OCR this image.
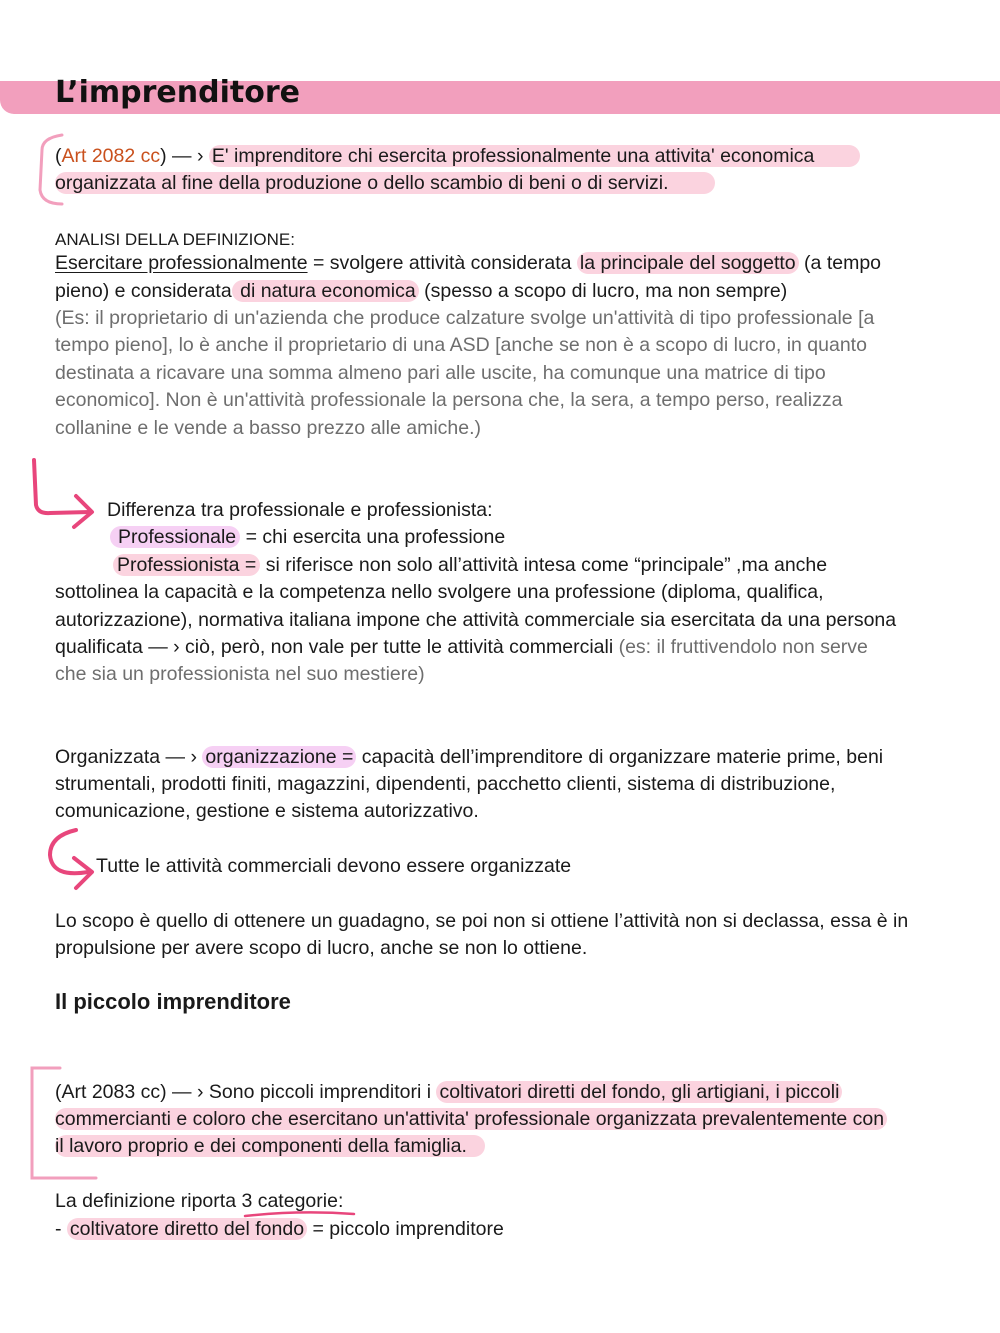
L’imprenditore
(Art 2082 cc) — › E' imprenditore chi esercita professionalmente una attivita' economica
organizzata al fine della produzione o dello scambio di beni o di servizi.
ANALISI DELLA DEFINIZIONE:
Esercitare professionalmente = svolgere attività considerata la principale del soggetto (a tempo
pieno) e considerata di natura economica (spesso a scopo di lucro, ma non sempre)
(Es: il proprietario di un'azienda che produce calzature svolge un'attività di tipo professionale [a
tempo pieno], lo è anche il proprietario di una ASD [anche se non è a scopo di lucro, in quanto
destinata a ricavare una somma almeno pari alle uscite, ha comunque una matrice di tipo
economico]. Non è un'attività professionale la persona che, la sera, a tempo perso, realizza
collanine e le vende a basso prezzo alle amiche.)
Differenza tra professionale e professionista:
Professionale = chi esercita una professione
Professionista = si riferisce non solo all’attività intesa come “principale” ,ma anche
sottolinea la capacità e la competenza nello svolgere una professione (diploma, qualifica,
autorizzazione), normativa italiana impone che attività commerciale sia esercitata da una persona
qualificata — › ciò, però, non vale per tutte le attività commerciali (es: il fruttivendolo non serve
che sia un professionista nel suo mestiere)
Organizzata — › organizzazione = capacità dell’imprenditore di organizzare materie prime, beni
strumentali, prodotti finiti, magazzini, dipendenti, pacchetto clienti, sistema di distribuzione,
comunicazione, gestione e sistema autorizzativo.
Tutte le attività commerciali devono essere organizzate
Lo scopo è quello di ottenere un guadagno, se poi non si ottiene l’attività non si declassa, essa è in
propulsione per avere scopo di lucro, anche se non lo ottiene.
Il piccolo imprenditore
(Art 2083 cc) — › Sono piccoli imprenditori i coltivatori diretti del fondo, gli artigiani, i piccoli
commercianti e coloro che esercitano un'attivita' professionale organizzata prevalentemente con
il lavoro proprio e dei componenti della famiglia.
La definizione riporta 3 categorie:
- coltivatore diretto del fondo = piccolo imprenditore
